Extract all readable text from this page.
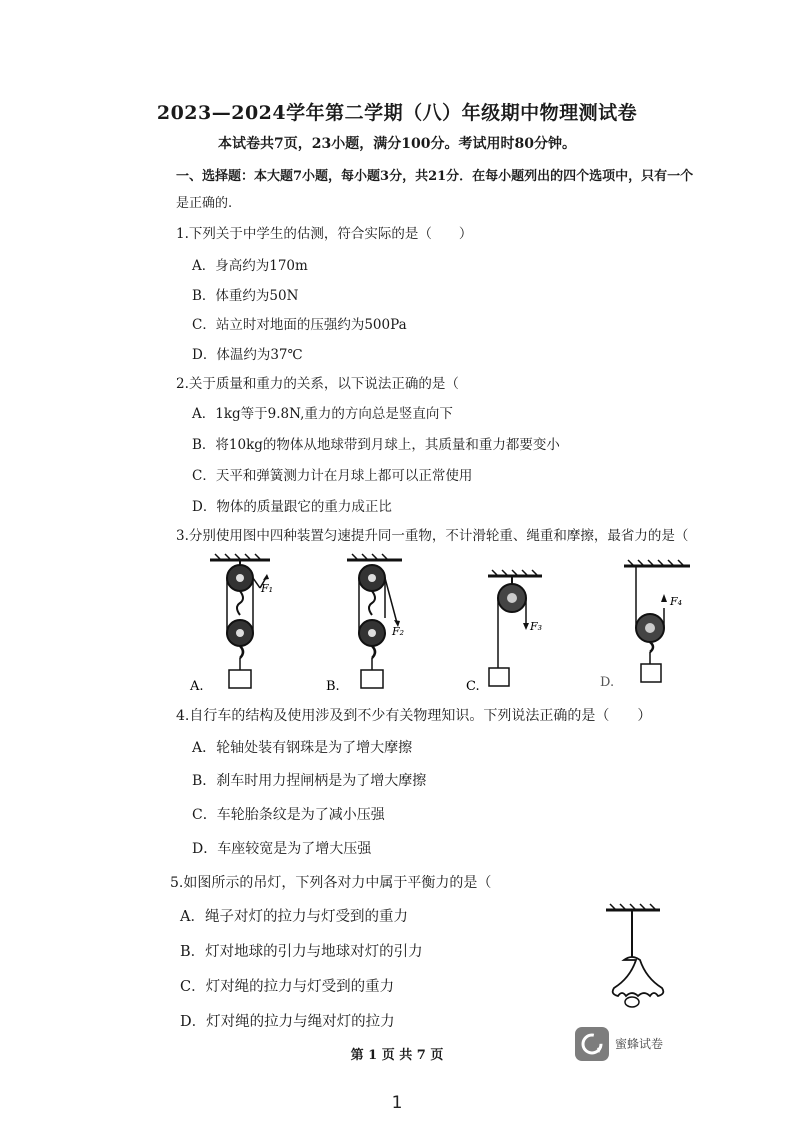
2023—2024学年第二学期（八）年级期中物理测试卷
本试卷共7页，23小题，满分100分。考试用时80分钟。
一、选择题：本大题7小题，每小题3分，共21分．在每小题列出的四个选项中，只有一个
是正确的.
1.下列关于中学生的估测，符合实际的是（　　）
A．身高约为170m
B．体重约为50N
C．站立时对地面的压强约为500Pa
D．体温约为37℃
2.关于质量和重力的关系，以下说法正确的是（
A．1kg等于9.8N,重力的方向总是竖直向下
B．将10kg的物体从地球带到月球上，其质量和重力都要变小
C．天平和弹簧测力计在月球上都可以正常使用
D．物体的质量跟它的重力成正比
3.分别使用图中四种装置匀速提升同一重物，不计滑轮重、绳重和摩擦，最省力的是（
F₁
A.
F₂
B.
F₃
C.
F₄
D.
4.自行车的结构及使用涉及到不少有关物理知识。下列说法正确的是（　　）
A．轮轴处装有钢珠是为了增大摩擦
B．刹车时用力捏闸柄是为了增大摩擦
C．车轮胎条纹是为了减小压强
D．车座较宽是为了增大压强
5.如图所示的吊灯，下列各对力中属于平衡力的是（
A．绳子对灯的拉力与灯受到的重力
B．灯对地球的引力与地球对灯的引力
C．灯对绳的拉力与灯受到的重力
D．灯对绳的拉力与绳对灯的拉力
第 1 页 共 7 页
1
蜜蜂试卷
